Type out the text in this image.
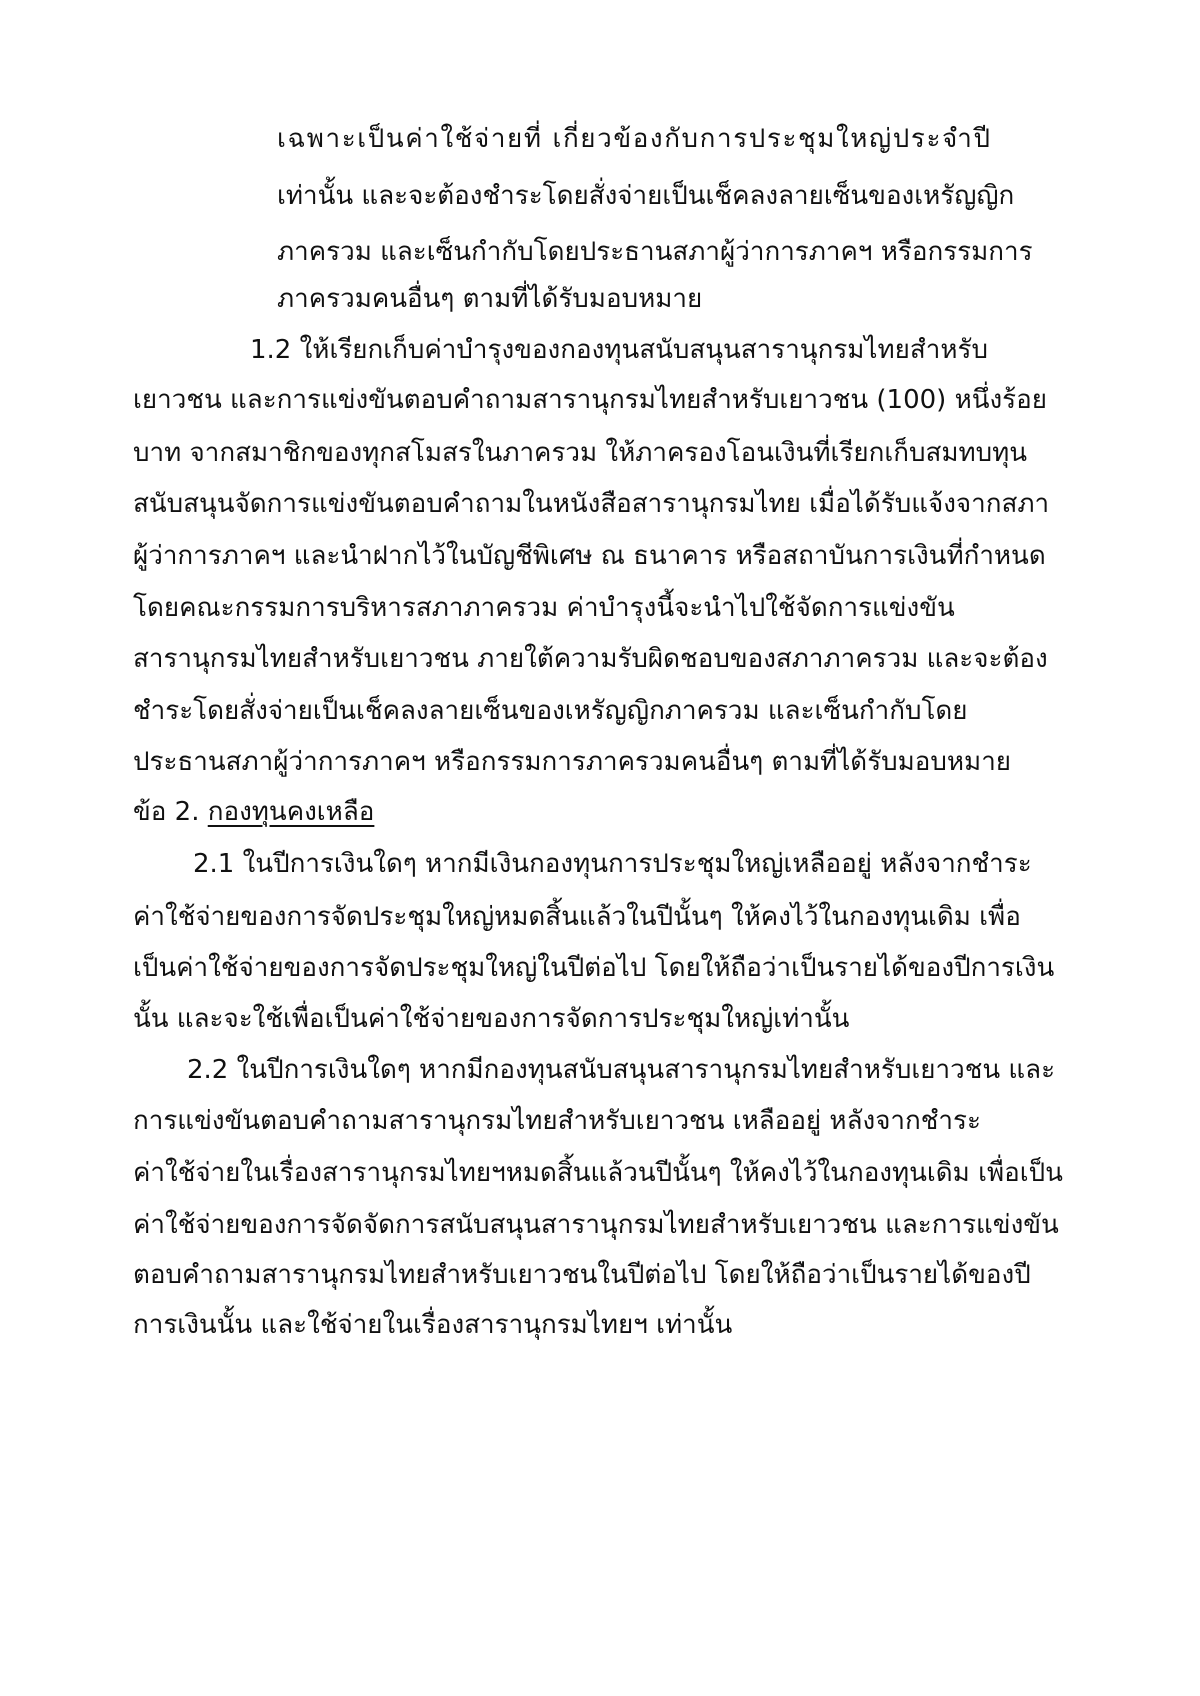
เฉพาะเป็นค่าใช้จ่ายที่ เกี่ยวข้องกับการประชุมใหญ่ประจำปี
เท่านั้น และจะต้องชำระโดยสั่งจ่ายเป็นเช็คลงลายเซ็นของเหรัญญิก
ภาครวม และเซ็นกำกับโดยประธานสภาผู้ว่าการภาคฯ หรือกรรมการ
ภาครวมคนอื่นๆ ตามที่ได้รับมอบหมาย
1.2 ให้เรียกเก็บค่าบำรุงของกองทุนสนับสนุนสารานุกรมไทยสำหรับ
เยาวชน และการแข่งขันตอบคำถามสารานุกรมไทยสำหรับเยาวชน (100) หนึ่งร้อย
บาท จากสมาชิกของทุกสโมสรในภาครวม ให้ภาครองโอนเงินที่เรียกเก็บสมทบทุน
สนับสนุนจัดการแข่งขันตอบคำถามในหนังสือสารานุกรมไทย เมื่อได้รับแจ้งจากสภา
ผู้ว่าการภาคฯ และนำฝากไว้ในบัญชีพิเศษ ณ ธนาคาร หรือสถาบันการเงินที่กำหนด
โดยคณะกรรมการบริหารสภาภาครวม ค่าบำรุงนี้จะนำไปใช้จัดการแข่งขัน
สารานุกรมไทยสำหรับเยาวชน ภายใต้ความรับผิดชอบของสภาภาครวม และจะต้อง
ชำระโดยสั่งจ่ายเป็นเช็คลงลายเซ็นของเหรัญญิกภาครวม และเซ็นกำกับโดย
ประธานสภาผู้ว่าการภาคฯ หรือกรรมการภาครวมคนอื่นๆ ตามที่ได้รับมอบหมาย
ข้อ 2. กองทุนคงเหลือ
2.1 ในปีการเงินใดๆ หากมีเงินกองทุนการประชุมใหญ่เหลืออยู่ หลังจากชำระ
ค่าใช้จ่ายของการจัดประชุมใหญ่หมดสิ้นแล้วในปีนั้นๆ ให้คงไว้ในกองทุนเดิม เพื่อ
เป็นค่าใช้จ่ายของการจัดประชุมใหญ่ในปีต่อไป โดยให้ถือว่าเป็นรายได้ของปีการเงิน
นั้น และจะใช้เพื่อเป็นค่าใช้จ่ายของการจัดการประชุมใหญ่เท่านั้น
2.2 ในปีการเงินใดๆ หากมีกองทุนสนับสนุนสารานุกรมไทยสำหรับเยาวชน และ
การแข่งขันตอบคำถามสารานุกรมไทยสำหรับเยาวชน เหลืออยู่ หลังจากชำระ
ค่าใช้จ่ายในเรื่องสารานุกรมไทยฯหมดสิ้นแล้วนปีนั้นๆ ให้คงไว้ในกองทุนเดิม เพื่อเป็น
ค่าใช้จ่ายของการจัดจัดการสนับสนุนสารานุกรมไทยสำหรับเยาวชน และการแข่งขัน
ตอบคำถามสารานุกรมไทยสำหรับเยาวชนในปีต่อไป โดยให้ถือว่าเป็นรายได้ของปี
การเงินนั้น และใช้จ่ายในเรื่องสารานุกรมไทยฯ เท่านั้น
